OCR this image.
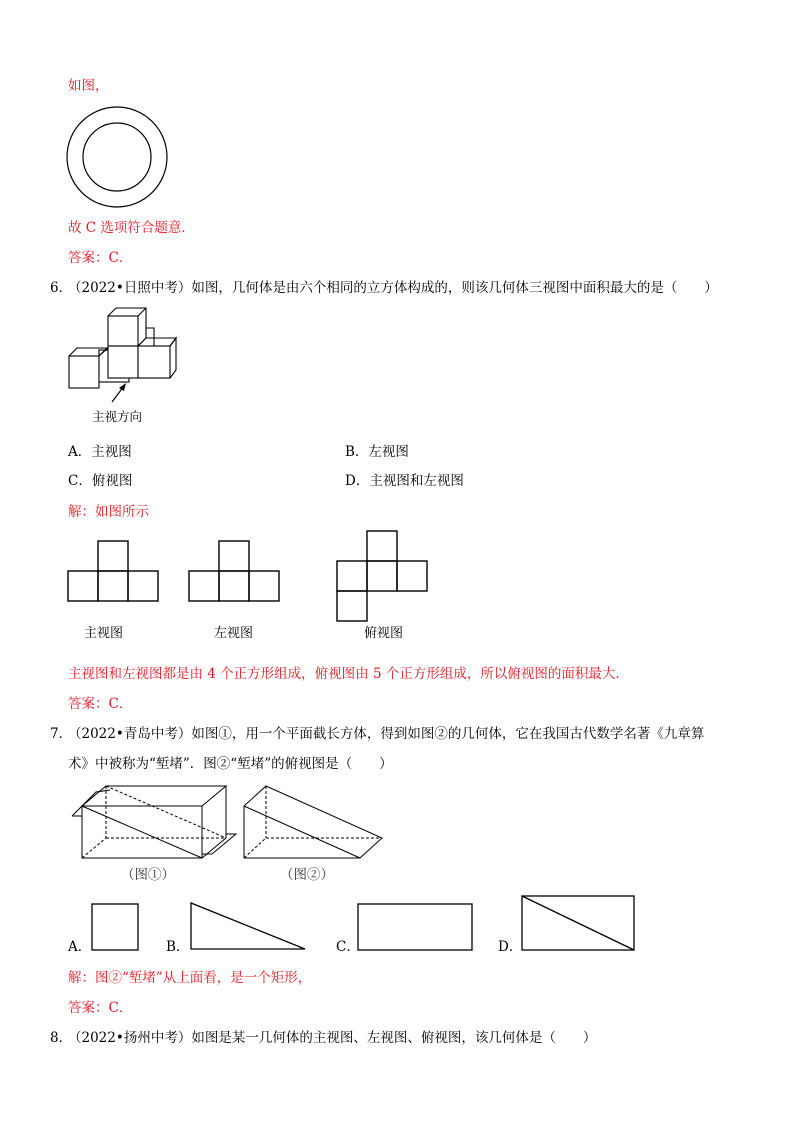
如图，
故 C 选项符合题意．
答案：C．
6．
（2022•日照中考）如图，几何体是由六个相同的立方体构成的，则该几何体三视图中面积最大的是（　　）
主视方向
A．主视图	B．左视图
C．俯视图	D．主视图和左视图
解：如图所示
主视图	左视图	俯视图
主视图和左视图都是由 4 个正方形组成，俯视图由 5 个正方形组成，所以俯视图的面积最大．
答案：C．
7．
（2022•青岛中考）如图①，用一个平面截长方体，得到如图②的几何体，它在我国古代数学名著《九章算
术》中被称为“堑堵”．图②“堑堵”的俯视图是（　　）
（图①）	（图②）
A．	B．	C．	D．
解：图②“堑堵”从上面看，是一个矩形，
答案：C．
8．
（2022•扬州中考）如图是某一几何体的主视图、左视图、俯视图，该几何体是（　　）
